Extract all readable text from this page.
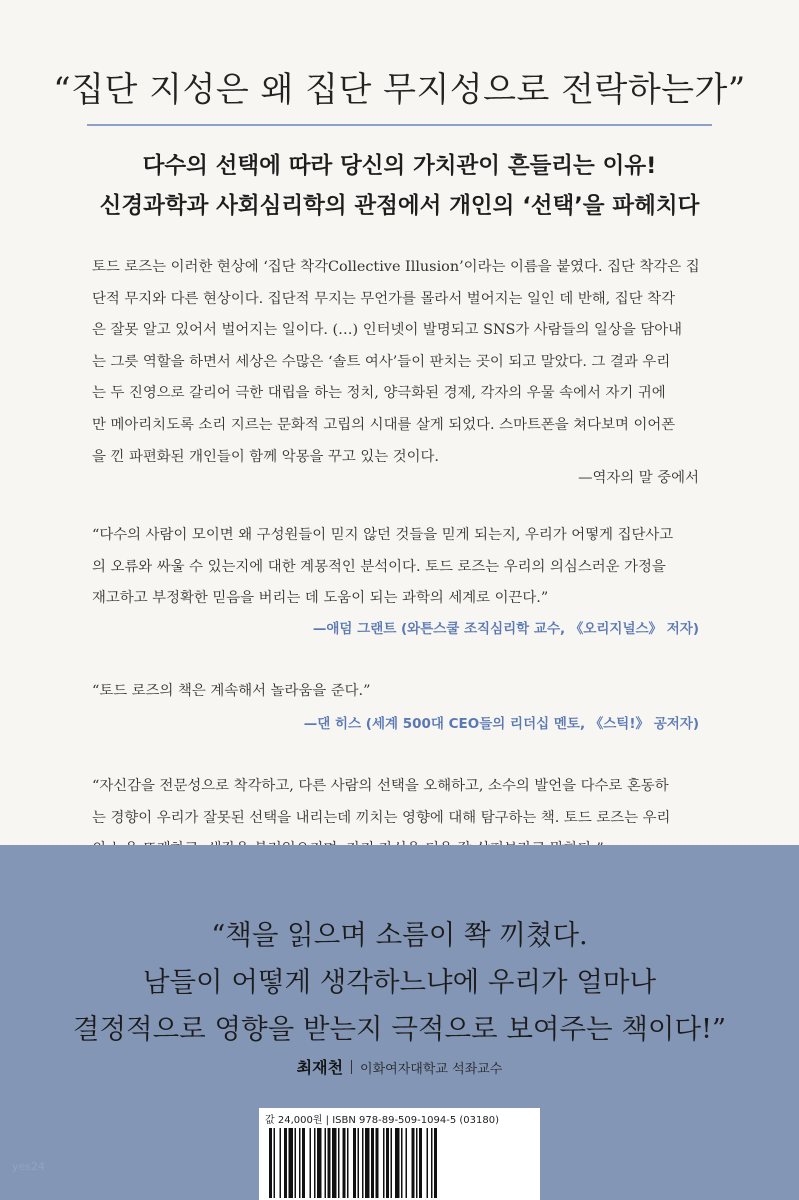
“집단 지성은 왜 집단 무지성으로 전락하는가”
다수의 선택에 따라 당신의 가치관이 흔들리는 이유!
신경과학과 사회심리학의 관점에서 개인의 ‘선택’을 파헤치다
토드 로즈는 이러한 현상에 ‘집단 착각Collective Illusion’이라는 이름을 붙였다. 집단 착각은 집
단적 무지와 다른 현상이다. 집단적 무지는 무언가를 몰라서 벌어지는 일인 데 반해, 집단 착각
은 잘못 알고 있어서 벌어지는 일이다. (…) 인터넷이 발명되고 SNS가 사람들의 일상을 담아내
는 그릇 역할을 하면서 세상은 수많은 ‘솔트 여사’들이 판치는 곳이 되고 말았다. 그 결과 우리
는 두 진영으로 갈리어 극한 대립을 하는 정치, 양극화된 경제, 각자의 우물 속에서 자기 귀에
만 메아리치도록 소리 지르는 문화적 고립의 시대를 살게 되었다. 스마트폰을 쳐다보며 이어폰
을 낀 파편화된 개인들이 함께 악몽을 꾸고 있는 것이다.
—역자의 말 중에서
“다수의 사람이 모이면 왜 구성원들이 믿지 않던 것들을 믿게 되는지, 우리가 어떻게 집단사고
의 오류와 싸울 수 있는지에 대한 계몽적인 분석이다. 토드 로즈는 우리의 의심스러운 가정을
재고하고 부정확한 믿음을 버리는 데 도움이 되는 과학의 세계로 이끈다.”
—애덤 그랜트 (와튼스쿨 조직심리학 교수, 《오리지널스》 저자)
“토드 로즈의 책은 계속해서 놀라움을 준다.”
—댄 히스 (세계 500대 CEO들의 리더십 멘토, 《스틱!》 공저자)
“자신감을 전문성으로 착각하고, 다른 사람의 선택을 오해하고, 소수의 발언을 다수로 혼동하
는 경향이 우리가 잘못된 선택을 내리는데 끼치는 영향에 대해 탐구하는 책. 토드 로즈는 우리
“책을 읽으며 소름이 쫙 끼쳤다.
남들이 어떻게 생각하느냐에 우리가 얼마나
결정적으로 영향을 받는지 극적으로 보여주는 책이다!”
최재천 이화여자대학교 석좌교수
값 24,000원 | ISBN 978-89-509-1094-5 (03180)
yes24
